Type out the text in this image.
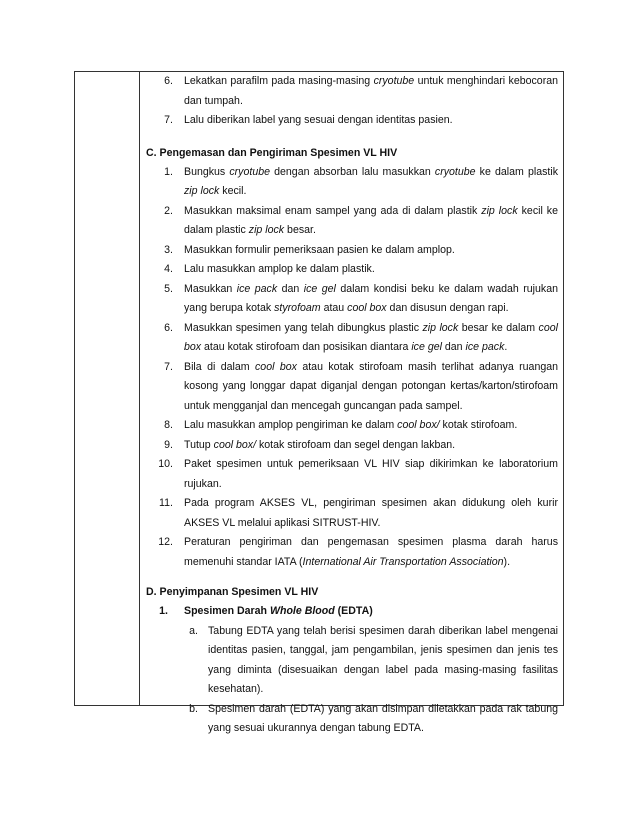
6. Lekatkan parafilm pada masing-masing cryotube untuk menghindari kebocoran dan tumpah.
7. Lalu diberikan label yang sesuai dengan identitas pasien.
C. Pengemasan dan Pengiriman Spesimen VL HIV
1. Bungkus cryotube dengan absorban lalu masukkan cryotube ke dalam plastik zip lock kecil.
2. Masukkan maksimal enam sampel yang ada di dalam plastik zip lock kecil ke dalam plastic zip lock besar.
3. Masukkan formulir pemeriksaan pasien ke dalam amplop.
4. Lalu masukkan amplop ke dalam plastik.
5. Masukkan ice pack dan ice gel dalam kondisi beku ke dalam wadah rujukan yang berupa kotak styrofoam atau cool box dan disusun dengan rapi.
6. Masukkan spesimen yang telah dibungkus plastic zip lock besar ke dalam cool box atau kotak stirofoam dan posisikan diantara ice gel dan ice pack.
7. Bila di dalam cool box atau kotak stirofoam masih terlihat adanya ruangan kosong yang longgar dapat diganjal dengan potongan kertas/karton/stirofoam untuk mengganjal dan mencegah guncangan pada sampel.
8. Lalu masukkan amplop pengiriman ke dalam cool box/ kotak stirofoam.
9. Tutup cool box/ kotak stirofoam dan segel dengan lakban.
10. Paket spesimen untuk pemeriksaan VL HIV siap dikirimkan ke laboratorium rujukan.
11. Pada program AKSES VL, pengiriman spesimen akan didukung oleh kurir AKSES VL melalui aplikasi SITRUST-HIV.
12. Peraturan pengiriman dan pengemasan spesimen plasma darah harus memenuhi standar IATA (International Air Transportation Association).
D. Penyimpanan Spesimen VL HIV
1. Spesimen Darah Whole Blood (EDTA)
a. Tabung EDTA yang telah berisi spesimen darah diberikan label mengenai identitas pasien, tanggal, jam pengambilan, jenis spesimen dan jenis tes yang diminta (disesuaikan dengan label pada masing-masing fasilitas kesehatan).
b. Spesimen darah (EDTA) yang akan disimpan diletakkan pada rak tabung yang sesuai ukurannya dengan tabung EDTA.
